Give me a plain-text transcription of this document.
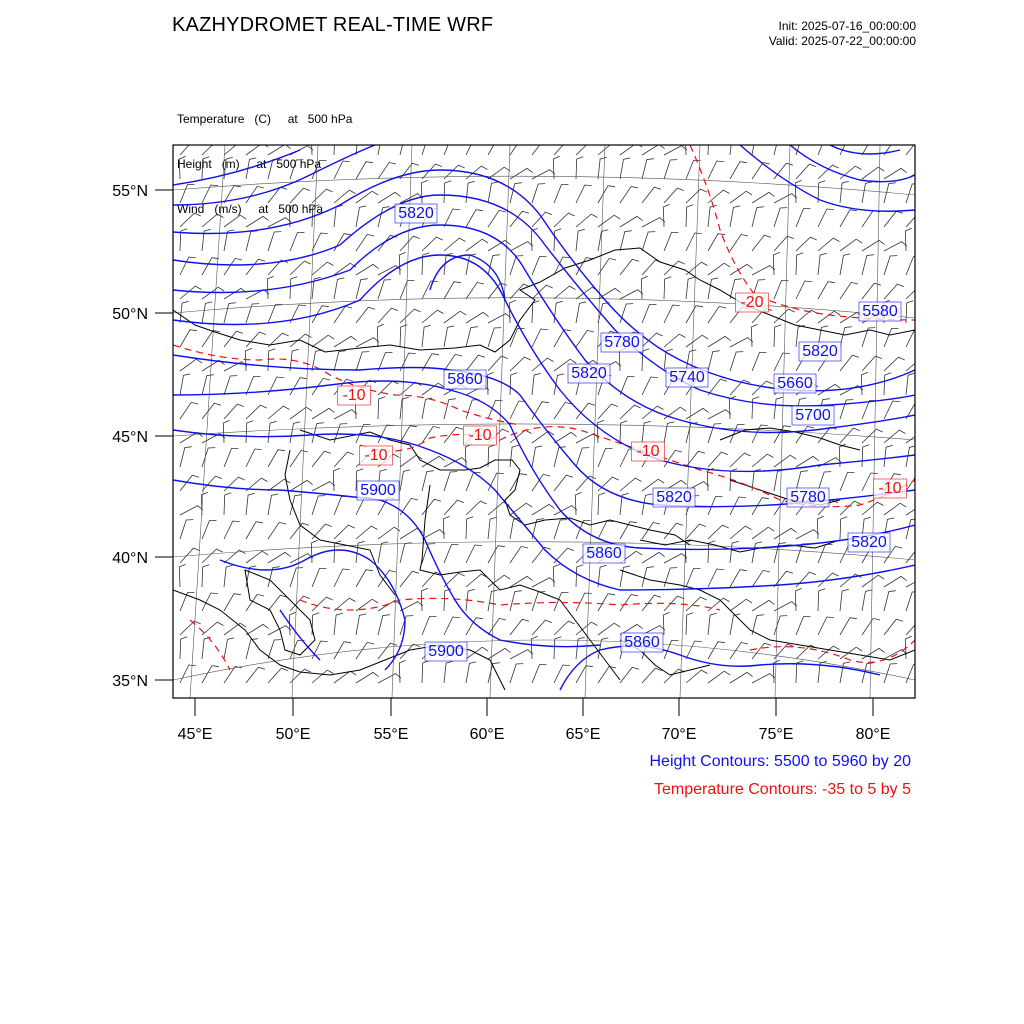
KAZHYDROMET REAL-TIME WRF	Init: 2025-07-16_00:00:00
Valid: 2025-07-22_00:00:00

Temperature   (C)     at   500 hPa

Height   (m)     at   500 hPa

Wind   (m/s)     at   500 hPa	5820
5580
5780
5820
5820
5860	5740	5660
5700
5900	5820	5780
5860
5820
5860
5900
-20
-10
-10
-10	-10
-10
55°N
50°N
45°N
40°N
35°N
45°E	50°E	55°E	60°E	65°E	70°E	75°E	80°E
Height Contours: 5500 to 5960 by 20
Temperature Contours: -35 to 5 by 5
